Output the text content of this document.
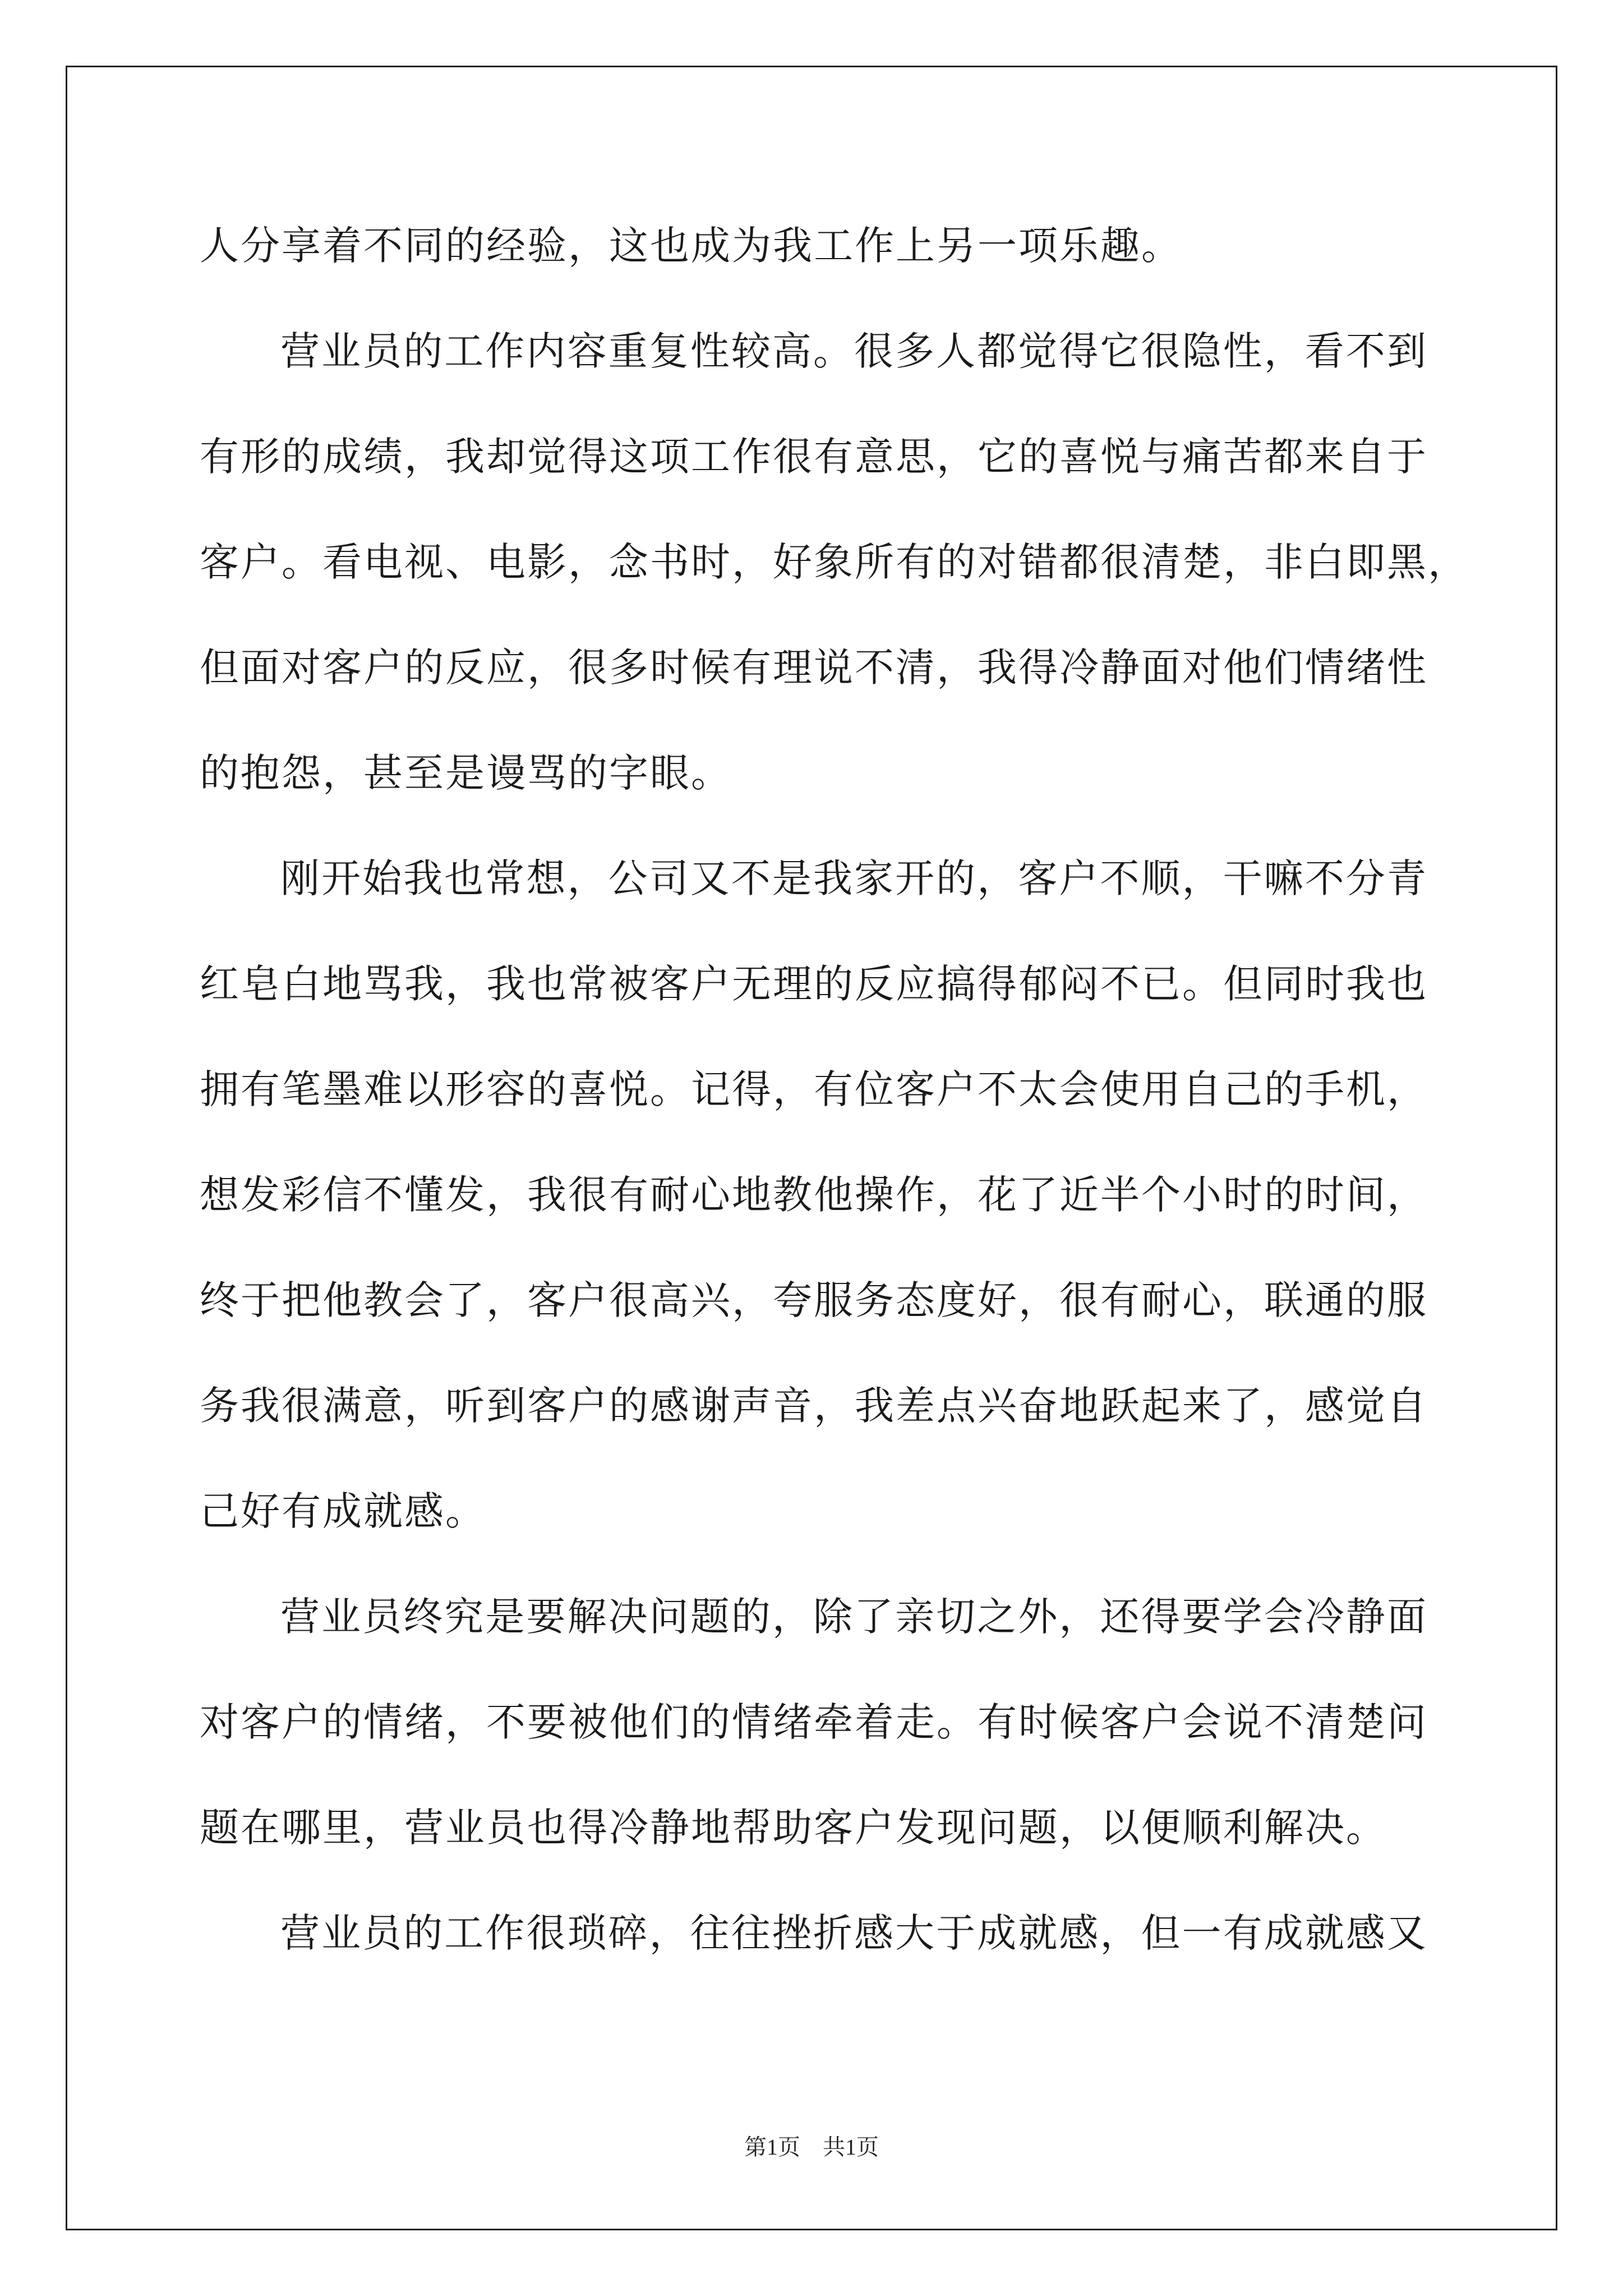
人分享着不同的经验，这也成为我工作上另一项乐趣。
营业员的工作内容重复性较高。很多人都觉得它很隐性，看不到
有形的成绩，我却觉得这项工作很有意思，它的喜悦与痛苦都来自于
客户。看电视、电影，念书时，好象所有的对错都很清楚，非白即黑，
但面对客户的反应，很多时候有理说不清，我得冷静面对他们情绪性
的抱怨，甚至是谩骂的字眼。
刚开始我也常想，公司又不是我家开的，客户不顺，干嘛不分青
红皂白地骂我，我也常被客户无理的反应搞得郁闷不已。但同时我也
拥有笔墨难以形容的喜悦。记得，有位客户不太会使用自己的手机，
想发彩信不懂发，我很有耐心地教他操作，花了近半个小时的时间，
终于把他教会了，客户很高兴，夸服务态度好，很有耐心，联通的服
务我很满意，听到客户的感谢声音，我差点兴奋地跃起来了，感觉自
己好有成就感。
营业员终究是要解决问题的，除了亲切之外，还得要学会冷静面
对客户的情绪，不要被他们的情绪牵着走。有时候客户会说不清楚问
题在哪里，营业员也得冷静地帮助客户发现问题，以便顺利解决。
营业员的工作很琐碎，往往挫折感大于成就感，但一有成就感又
第1页　共1页
